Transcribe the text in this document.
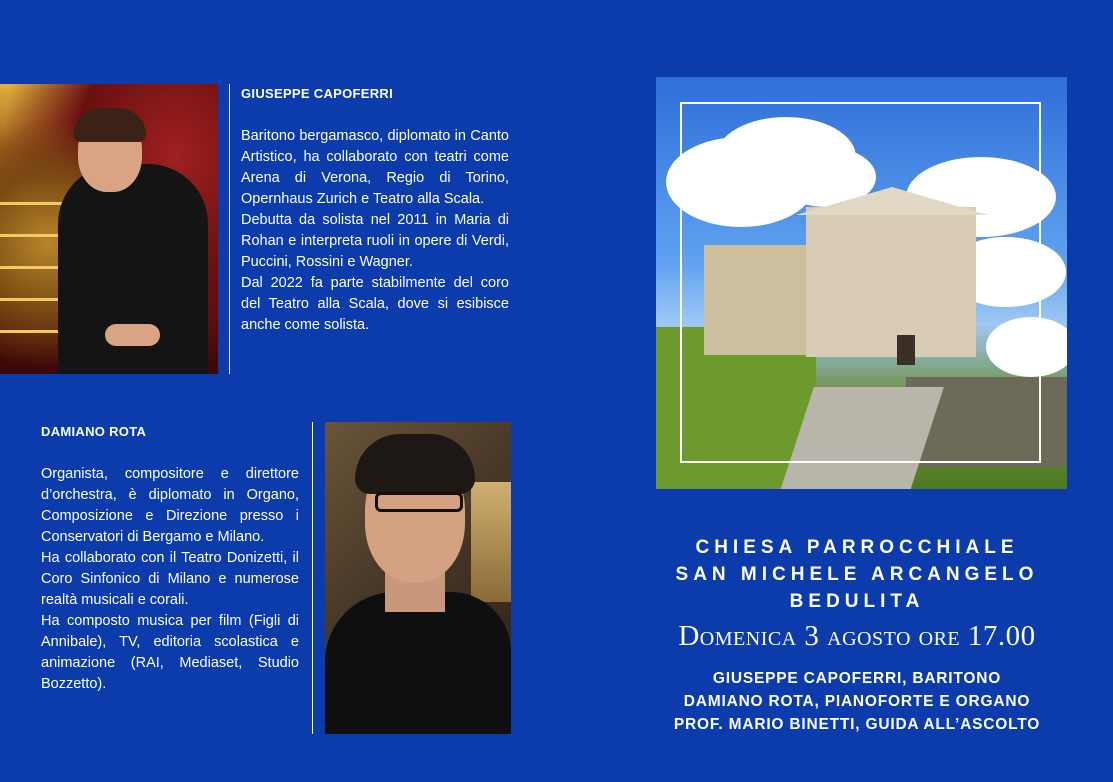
GIUSEPPE CAPOFERRI

Baritono bergamasco, diplomato in Canto Artistico, ha collaborato con teatri come Arena di Verona, Regio di Torino, Opernhaus Zurich e Teatro alla Scala.

Debutta da solista nel 2011 in Maria di Rohan e interpreta ruoli in opere di Verdi, Puccini, Rossini e Wagner.

Dal 2022 fa parte stabilmente del coro del Teatro alla Scala, dove si esibisce anche come solista.

DAMIANO ROTA

Organista, compositore e direttore d’orchestra, è diplomato in Organo, Composizione e Direzione presso i Conservatori di Bergamo e Milano.

Ha collaborato con il Teatro Donizetti, il Coro Sinfonico di Milano e numerose realtà musicali e corali.

Ha composto musica per film (Figli di Annibale), TV, editoria scolastica e animazione (RAI, Mediaset, Studio Bozzetto).

CHIESA PARROCCHIALE
SAN MICHELE ARCANGELO
BEDULITA
Domenica 3 agosto ore 17.00
GIUSEPPE CAPOFERRI, BARITONO
DAMIANO ROTA, PIANOFORTE E ORGANO
PROF. MARIO BINETTI, GUIDA ALL’ASCOLTO
